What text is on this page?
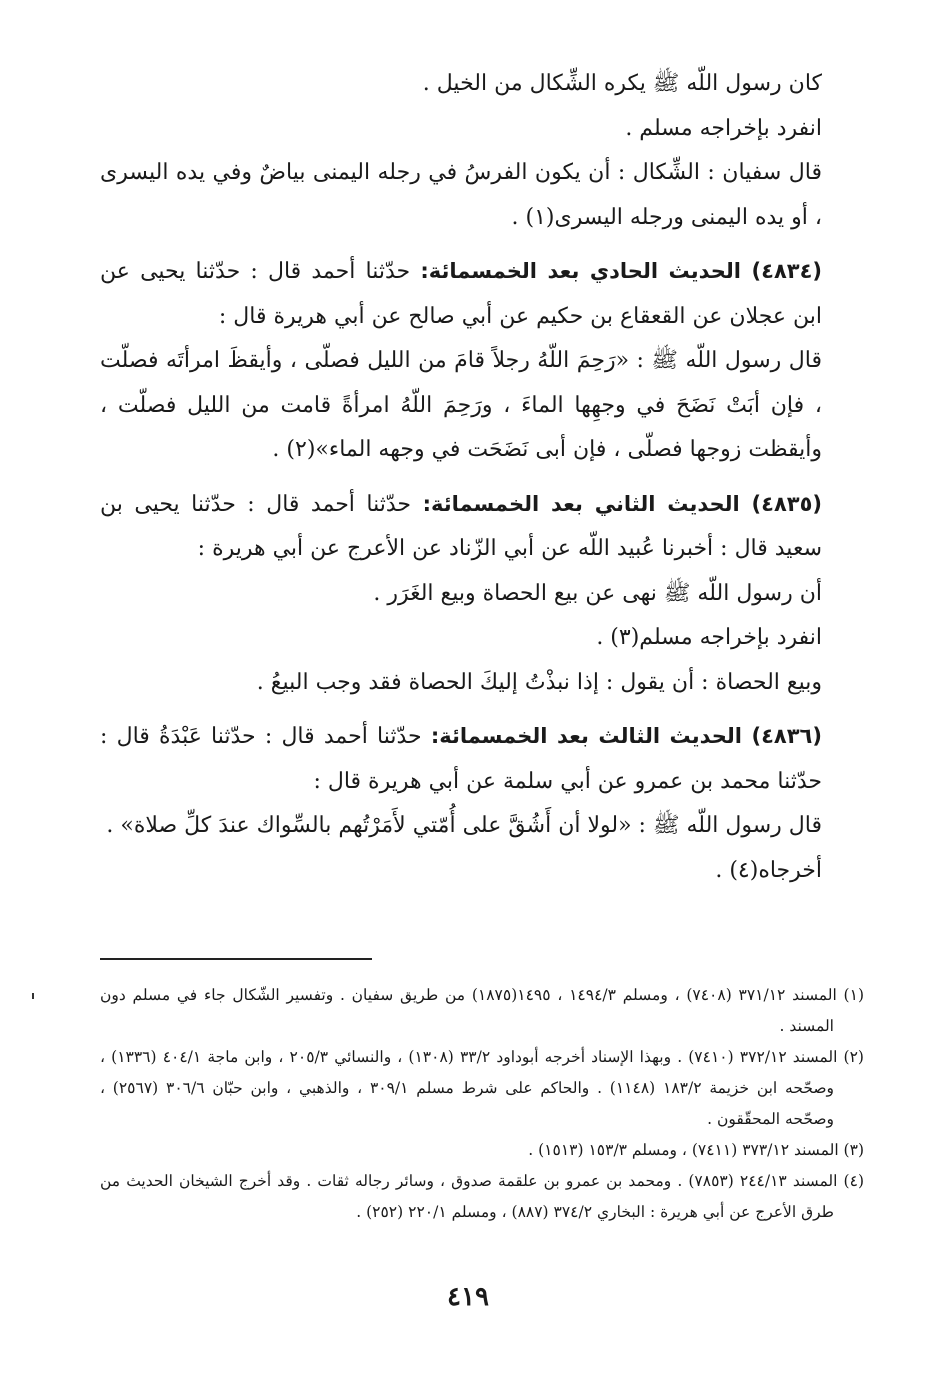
كان رسول اللّه ﷺ يكره الشِّكال من الخيل .

انفرد بإخراجه مسلم .

قال سفيان : الشِّكال : أن يكون الفرسُ في رجله اليمنى بياضٌ وفي يده اليسرى ، أو يده اليمنى ورجله اليسرى(١) .

(٤٨٣٤) الحديث الحادي بعد الخمسمائة: حدّثنا أحمد قال : حدّثنا يحيى عن ابن عجلان عن القعقاع بن حكيم عن أبي صالح عن أبي هريرة قال :

قال رسول اللّه ﷺ : «رَحِمَ اللّهُ رجلاً قامَ من الليل فصلّى ، وأيقظَ امرأتَه فصلّت ، فإن أبَتْ نَضَحَ في وجهِها الماءَ ، ورَحِمَ اللّهُ امرأةً قامت من الليل فصلّت ، وأيقظت زوجها فصلّى ، فإن أبى نَضَحَت في وجهه الماء»(٢) .

(٤٨٣٥) الحديث الثاني بعد الخمسمائة: حدّثنا أحمد قال : حدّثنا يحيى بن سعيد قال : أخبرنا عُبيد اللّه عن أبي الزّناد عن الأعرج عن أبي هريرة :

أن رسول اللّه ﷺ نهى عن بيع الحصاة وبيع الغَرَر .

انفرد بإخراجه مسلم(٣) .

وبيع الحصاة : أن يقول : إذا نبذْتُ إليكَ الحصاة فقد وجب البيعُ .

(٤٨٣٦) الحديث الثالث بعد الخمسمائة: حدّثنا أحمد قال : حدّثنا عَبْدَةُ قال : حدّثنا محمد بن عمرو عن أبي سلمة عن أبي هريرة قال :

قال رسول اللّه ﷺ : «لولا أن أَشُقَّ على أُمّتي لأَمَرْتُهم بالسِّواك عندَ كلِّ صلاة» .

أخرجاه(٤) .

(١) المسند ٣٧١/١٢ (٧٤٠٨) ، ومسلم ١٤٩٤/٣ ، ١٤٩٥(١٨٧٥) من طريق سفيان . وتفسير الشّكال جاء في مسلم دون المسند .

(٢) المسند ٣٧٢/١٢ (٧٤١٠) . وبهذا الإسناد أخرجه أبوداود ٣٣/٢ (١٣٠٨) ، والنسائي ٢٠٥/٣ ، وابن ماجة ٤٠٤/١ (١٣٣٦) ، وصحّحه ابن خزيمة ١٨٣/٢ (١١٤٨) . والحاكم على شرط مسلم ٣٠٩/١ ، والذهبي ، وابن حبّان ٣٠٦/٦ (٢٥٦٧) ، وصحّحه المحقّقون .

(٣) المسند ٣٧٣/١٢ (٧٤١١) ، ومسلم ١٥٣/٣ (١٥١٣) .

(٤) المسند ٢٤٤/١٣ (٧٨٥٣) . ومحمد بن عمرو بن علقمة صدوق ، وسائر رجاله ثقات . وقد أخرج الشيخان الحديث من طرق الأعرج عن أبي هريرة : البخاري ٣٧٤/٢ (٨٨٧) ، ومسلم ٢٢٠/١ (٢٥٢) .

٤١٩
